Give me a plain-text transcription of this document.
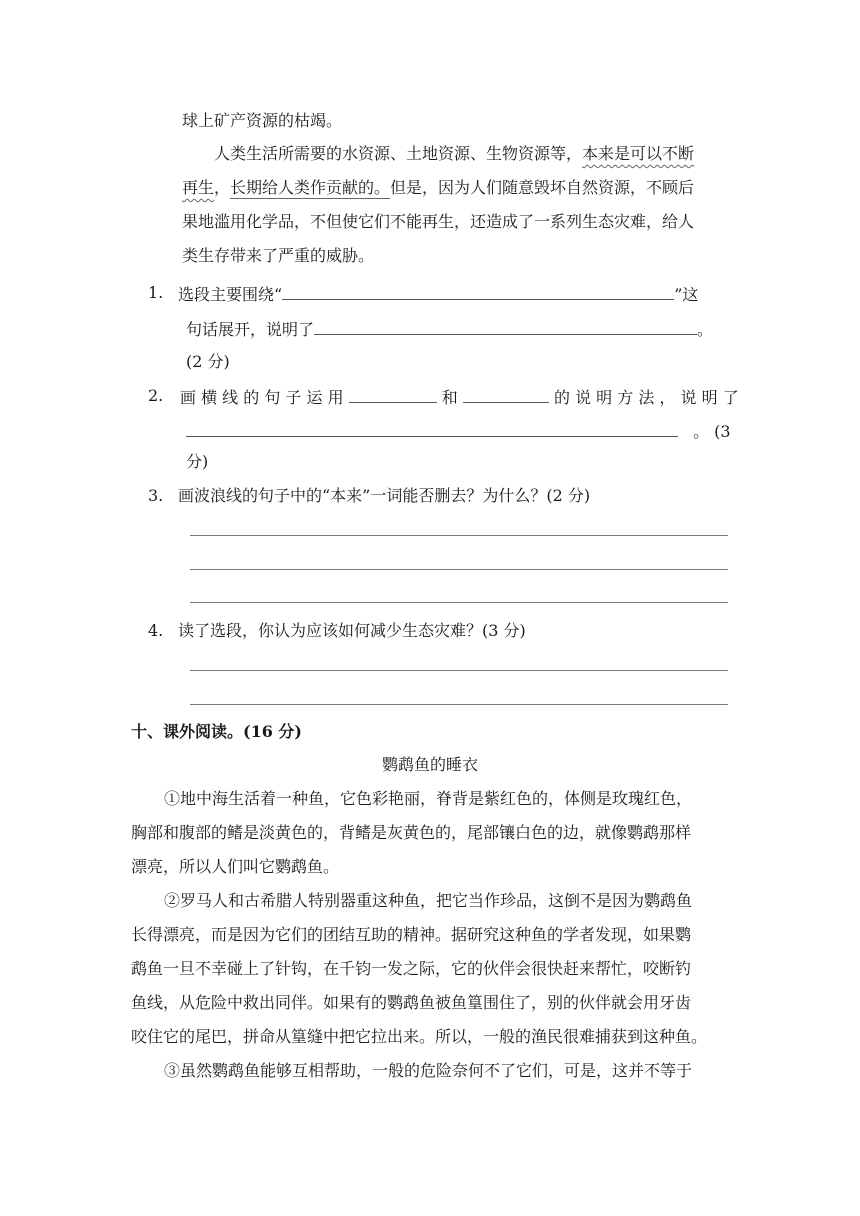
球上矿产资源的枯竭。
人类生活所需要的水资源、土地资源、生物资源等，本来是可以不断
再生，长期给人类作贡献的。但是，因为人们随意毁坏自然资源，不顾后
果地滥用化学品，不但使它们不能再生，还造成了一系列生态灾难，给人
类生存带来了严重的威胁。
1. 选段主要围绕“	”这
句话展开，说明了	。
(2 分)
2. 画 横 线 的 句 子 运 用	和	的 说 明 方 法 ， 说 明 了
。 (3
分)
3. 画波浪线的句子中的“本来”一词能否删去？为什么？(2 分)
4. 读了选段，你认为应该如何减少生态灾难？(3 分)
十、课外阅读。(16 分)
鹦鹉鱼的睡衣
①地中海生活着一种鱼，它色彩艳丽，脊背是紫红色的，体侧是玫瑰红色，
胸部和腹部的鳍是淡黄色的，背鳍是灰黄色的，尾部镶白色的边，就像鹦鹉那样
漂亮，所以人们叫它鹦鹉鱼。
②罗马人和古希腊人特别器重这种鱼，把它当作珍品，这倒不是因为鹦鹉鱼
长得漂亮，而是因为它们的团结互助的精神。据研究这种鱼的学者发现，如果鹦
鹉鱼一旦不幸碰上了针钩，在千钧一发之际，它的伙伴会很快赶来帮忙，咬断钓
鱼线，从危险中救出同伴。如果有的鹦鹉鱼被鱼篁围住了，别的伙伴就会用牙齿
咬住它的尾巴，拼命从篁缝中把它拉出来。所以，一般的渔民很难捕获到这种鱼。
③虽然鹦鹉鱼能够互相帮助，一般的危险奈何不了它们，可是，这并不等于
